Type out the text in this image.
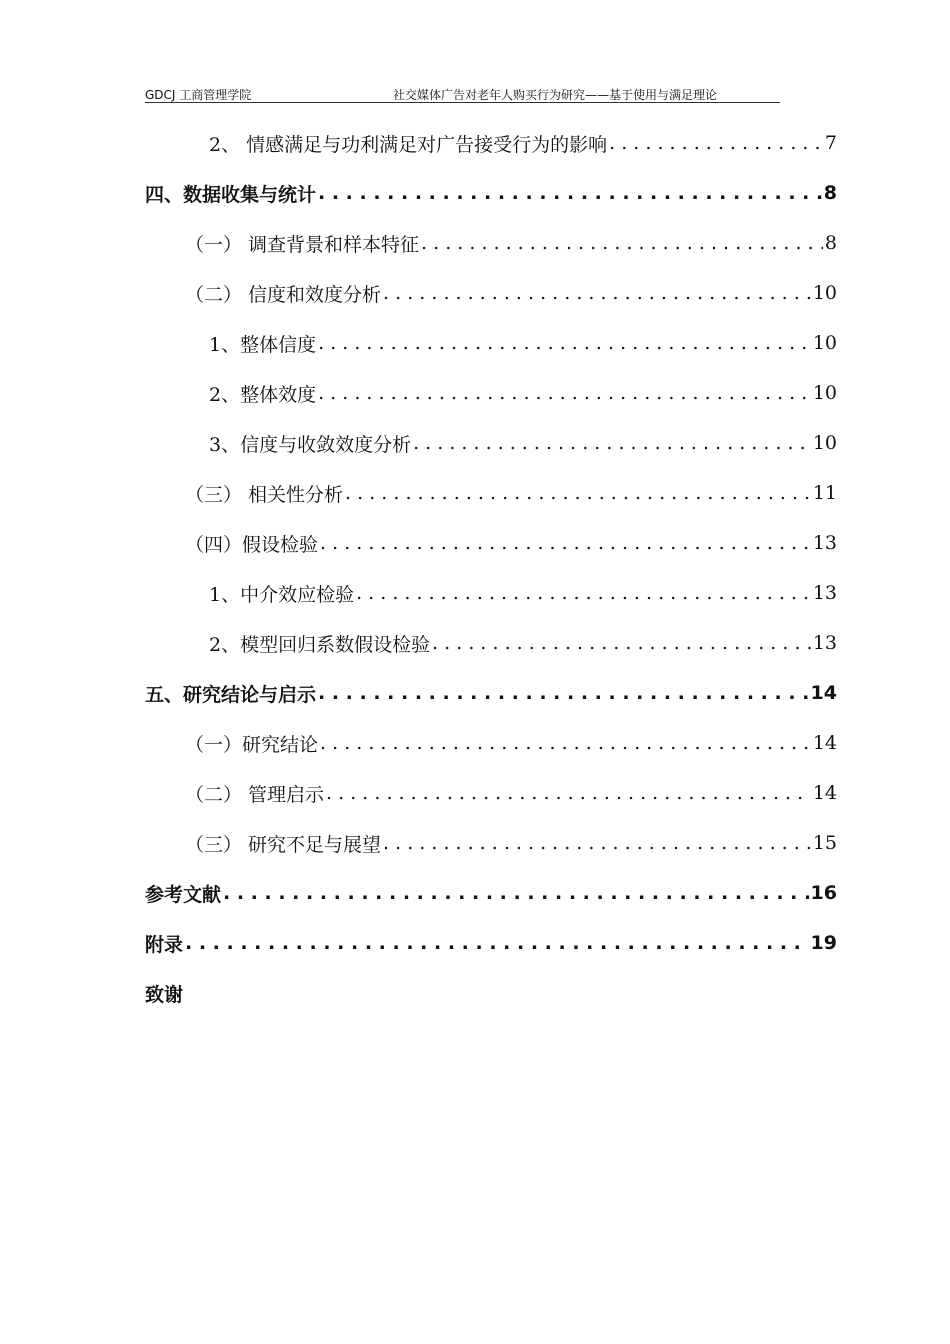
GDCJ 工商管理学院	社交媒体广告对老年人购买行为研究——基于使用与满足理论
2、 情感满足与功利满足对广告接受行为的影响 . . .	7
四、数据收集与统计 . . .	8
（一） 调查背景和样本特征 . . .	8
（二） 信度和效度分析 . . .	10
1、整体信度 . . .	10
2、整体效度 . . .	10
3、信度与收敛效度分析 . . .	10
（三） 相关性分析 . . .	11
（四）假设检验 . . .	13
1、中介效应检验 . . .	13
2、模型回归系数假设检验 . . .	13
五、研究结论与启示 . . .	14
（一）研究结论 . . .	14
（二） 管理启示 . . .	14
（三） 研究不足与展望 . . .	15
参考文献 . . .	16
附录 . . .	19
致谢
